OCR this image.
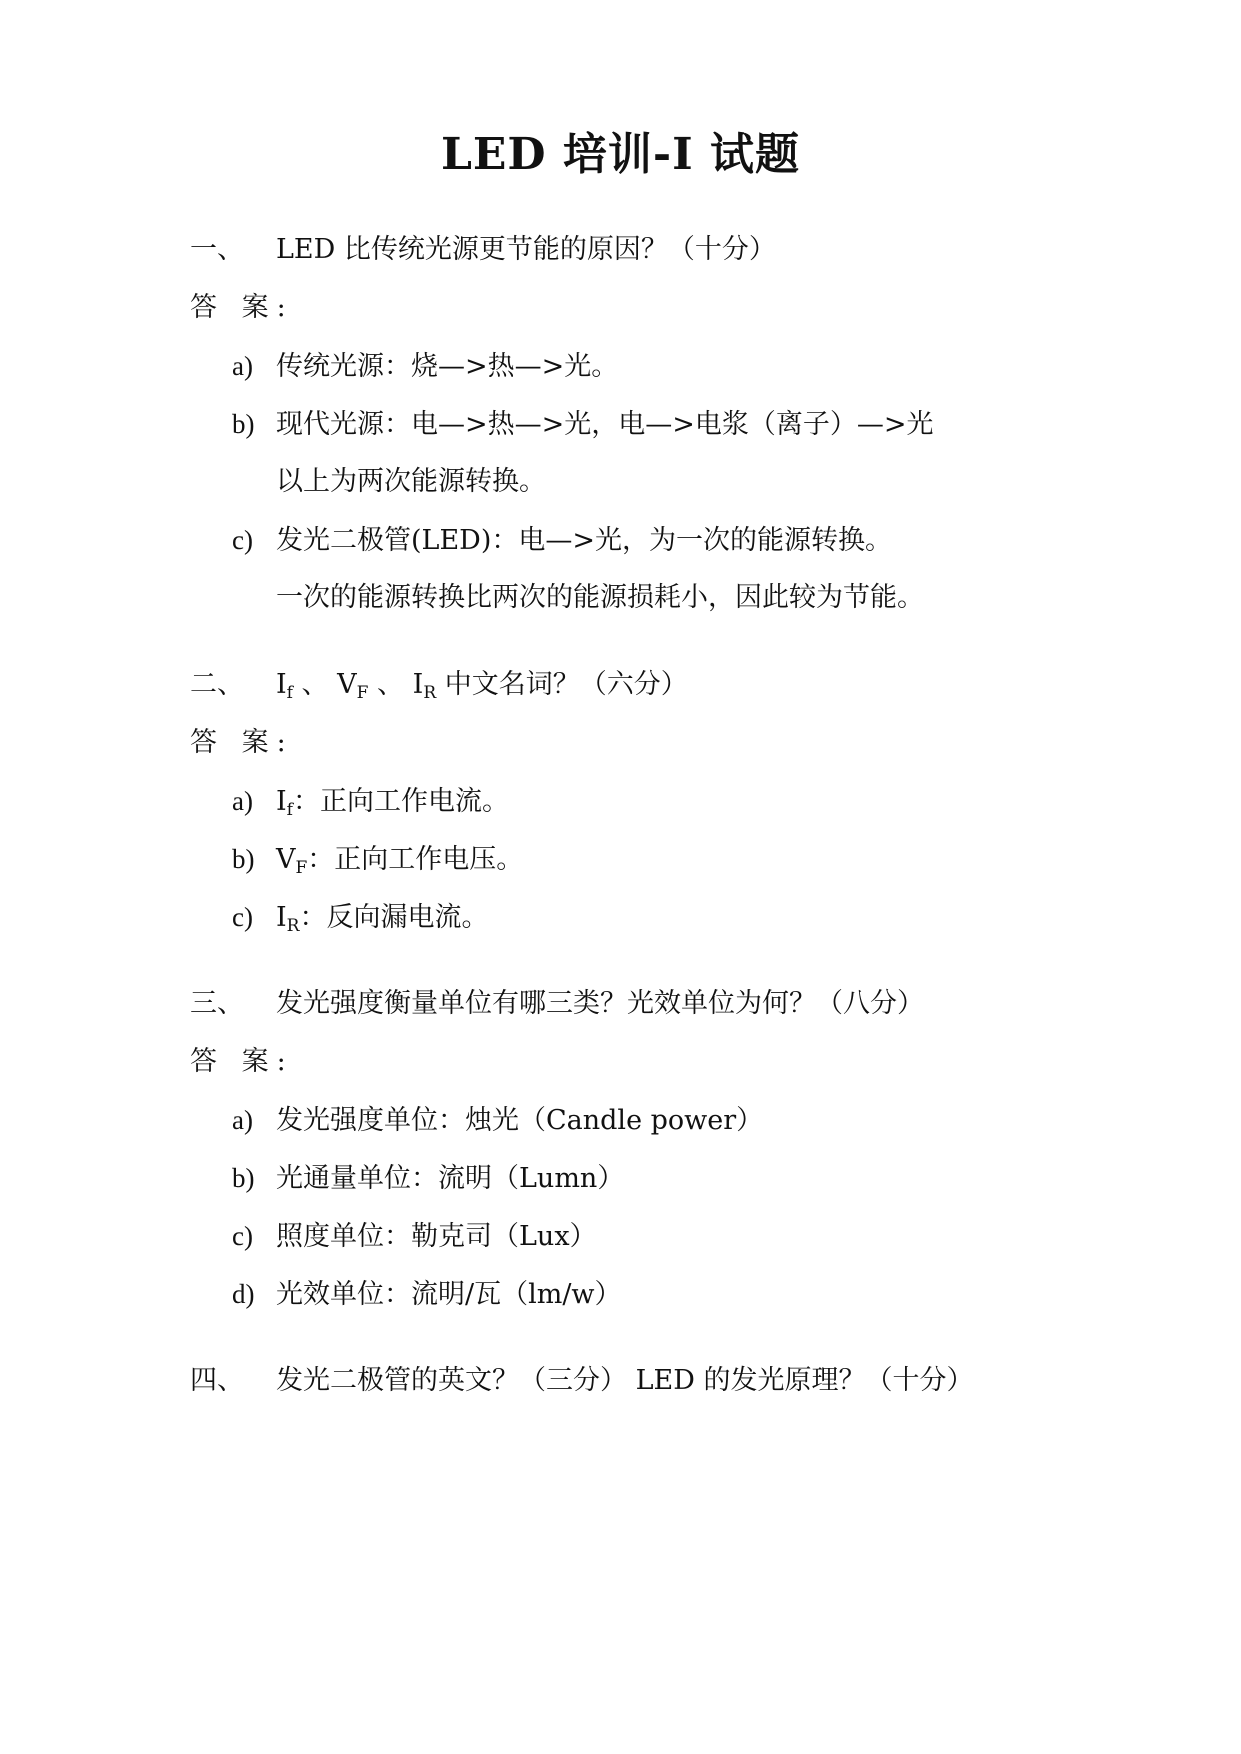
LED 培训-I 试题
一、 LED 比传统光源更节能的原因？（十分）
答 案:
a) 传统光源：烧—>热—>光。
b) 现代光源：电—>热—>光，电—>电浆（离子）—>光
以上为两次能源转换。
c) 发光二极管(LED)：电—>光，为一次的能源转换。
一次的能源转换比两次的能源损耗小，因此较为节能。
二、 $I_f$ 、 $V_F$ 、 $I_R$ 中文名词？（六分）
答 案:
a) $I_f$：正向工作电流。
b) $V_F$：正向工作电压。
c) $I_R$：反向漏电流。
三、 发光强度衡量单位有哪三类？光效单位为何？（八分）
答 案:
a) 发光强度单位：烛光（Candle power）
b) 光通量单位：流明（Lumn）
c) 照度单位：勒克司（Lux）
d) 光效单位：流明/瓦（lm/w）
四、 发光二极管的英文？（三分） LED 的发光原理？（十分）
